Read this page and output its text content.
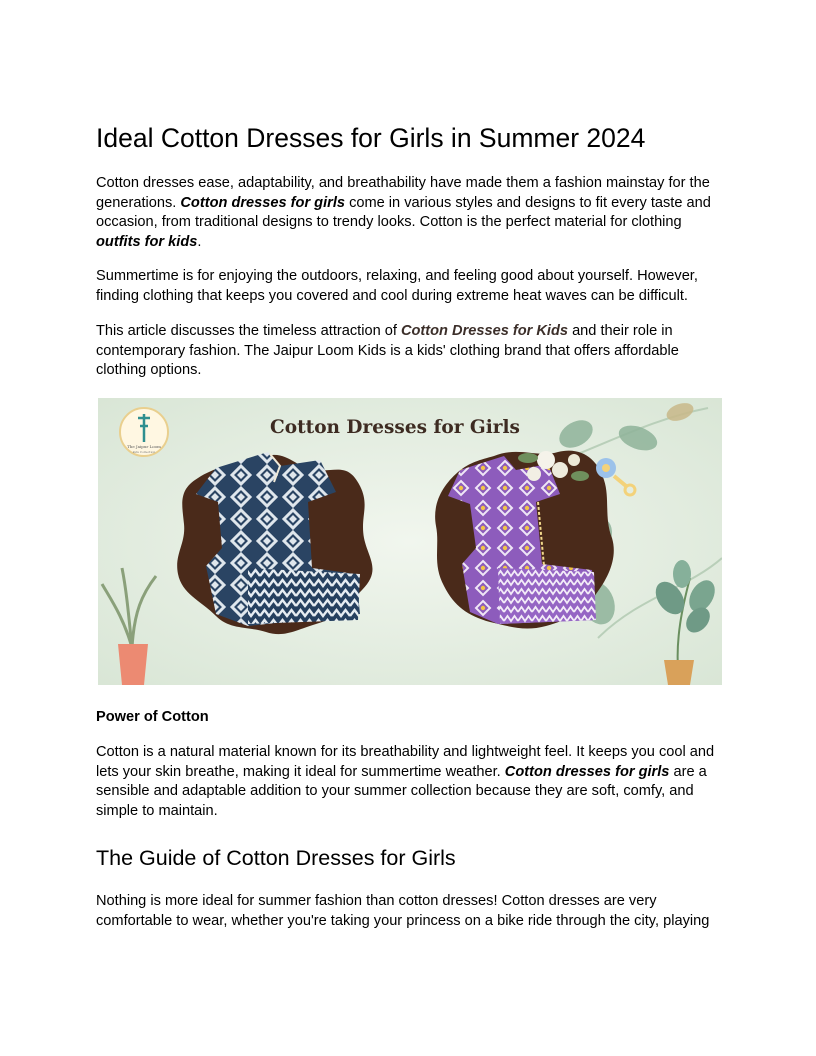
Ideal Cotton Dresses for Girls in Summer 2024

Cotton dresses ease, adaptability, and breathability have made them a fashion mainstay for the generations. Cotton dresses for girls come in various styles and designs to fit every taste and occasion, from traditional designs to trendy looks. Cotton is the perfect material for clothing outfits for kids.

Summertime is for enjoying the outdoors, relaxing, and feeling good about yourself. However, finding clothing that keeps you covered and cool during extreme heat waves can be difficult.

This article discusses the timeless attraction of Cotton Dresses for Kids and their role in contemporary fashion. The Jaipur Loom Kids is a kids' clothing brand that offers affordable clothing options.

The Jaipur Loom
kids Collection
Cotton Dresses for Girls

Power of Cotton

Cotton is a natural material known for its breathability and lightweight feel. It keeps you cool and lets your skin breathe, making it ideal for summertime weather. Cotton dresses for girls are a sensible and adaptable addition to your summer collection because they are soft, comfy, and simple to maintain.

The Guide of Cotton Dresses for Girls

Nothing is more ideal for summer fashion than cotton dresses! Cotton dresses are very comfortable to wear, whether you're taking your princess on a bike ride through the city, playing
